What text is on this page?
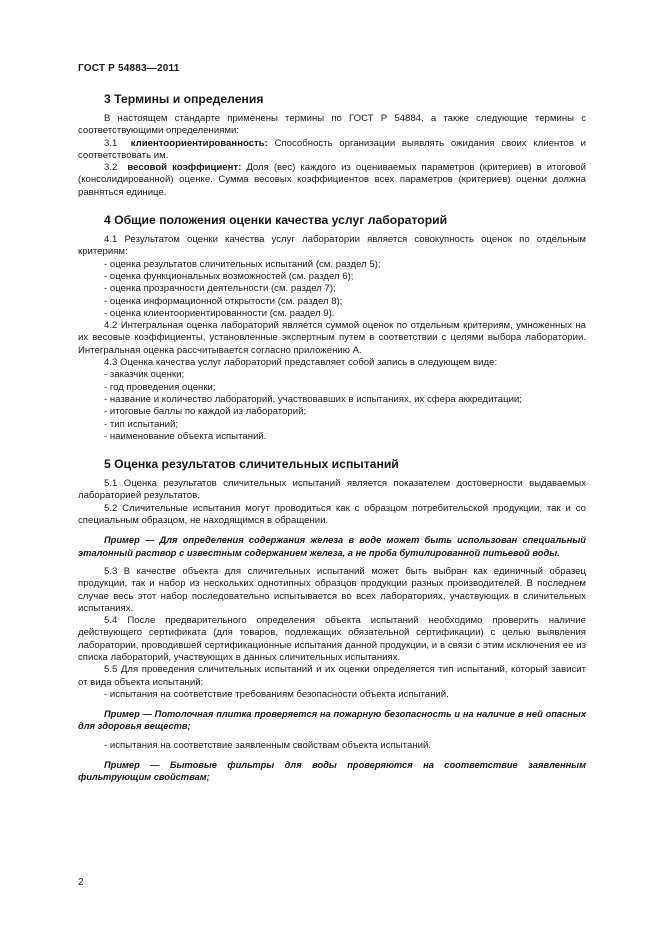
ГОСТ Р 54883—2011
3 Термины и определения

В настоящем стандарте применены термины по ГОСТ Р 54884, а также следующие термины с соответствующими определениями:

3.1 клиентоориентированность: Способность организации выявлять ожидания своих клиентов и соответствовать им.

3.2 весовой коэффициент: Доля (вес) каждого из оцениваемых параметров (критериев) в итоговой (консолидированной) оценке. Сумма весовых коэффициентов всех параметров (критериев) оценки должна равняться единице.

4 Общие положения оценки качества услуг лабораторий

4.1 Результатом оценки качества услуг лаборатории является совокупность оценок по отдельным критериям:

- оценка результатов сличительных испытаний (см. раздел 5);

- оценка функциональных возможностей (см. раздел 6);

- оценка прозрачности деятельности (см. раздел 7);

- оценка информационной открытости (см. раздел 8);

- оценка клиентоориентированности (см. раздел 9).

4.2 Интегральная оценка лабораторий является суммой оценок по отдельным критериям, умноженных на их весовые коэффициенты, установленные экспертным путем в соответствии с целями выбора лаборатории. Интегральная оценка рассчитывается согласно приложению А.

4.3 Оценка качества услуг лабораторий представляет собой запись в следующем виде:

- заказчик оценки;

- год проведения оценки;

- название и количество лабораторий, участвовавших в испытаниях, их сфера аккредитации;

- итоговые баллы по каждой из лабораторий;

- тип испытаний;

- наименование объекта испытаний.

5 Оценка результатов сличительных испытаний

5.1 Оценка результатов сличительных испытаний является показателем достоверности выдаваемых лабораторией результатов.

5.2 Сличительные испытания могут проводиться как с образцом потребительской продукции, так и со специальным образцом, не находящимся в обращении.

Пример — Для определения содержания железа в воде может быть использован специальный эталонный раствор с известным содержанием железа, а не проба бутилированной питьевой воды.

5.3 В качестве объекта для сличительных испытаний может быть выбран как единичный образец продукции, так и набор из нескольких однотипных образцов продукции разных производителей. В последнем случае весь этот набор последовательно испытывается во всех лабораториях, участвующих в сличительных испытаниях.

5.4 После предварительного определения объекта испытаний необходимо проверить наличие действующего сертификата (для товаров, подлежащих обязательной сертификации) с целью выявления лаборатории, проводившей сертификационные испытания данной продукции, и в связи с этим исключения ее из списка лабораторий, участвующих в данных сличительных испытаниях.

5.5 Для проведения сличительных испытаний и их оценки определяется тип испытаний, который зависит от вида объекта испытаний:

- испытания на соответствие требованиям безопасности объекта испытаний.

Пример — Потолочная плитка проверяется на пожарную безопасность и на наличие в ней опасных для здоровья веществ;

- испытания на соответствие заявленным свойствам объекта испытаний.

Пример — Бытовые фильтры для воды проверяются на соответствие заявленным фильтрующим свойствам;

2
